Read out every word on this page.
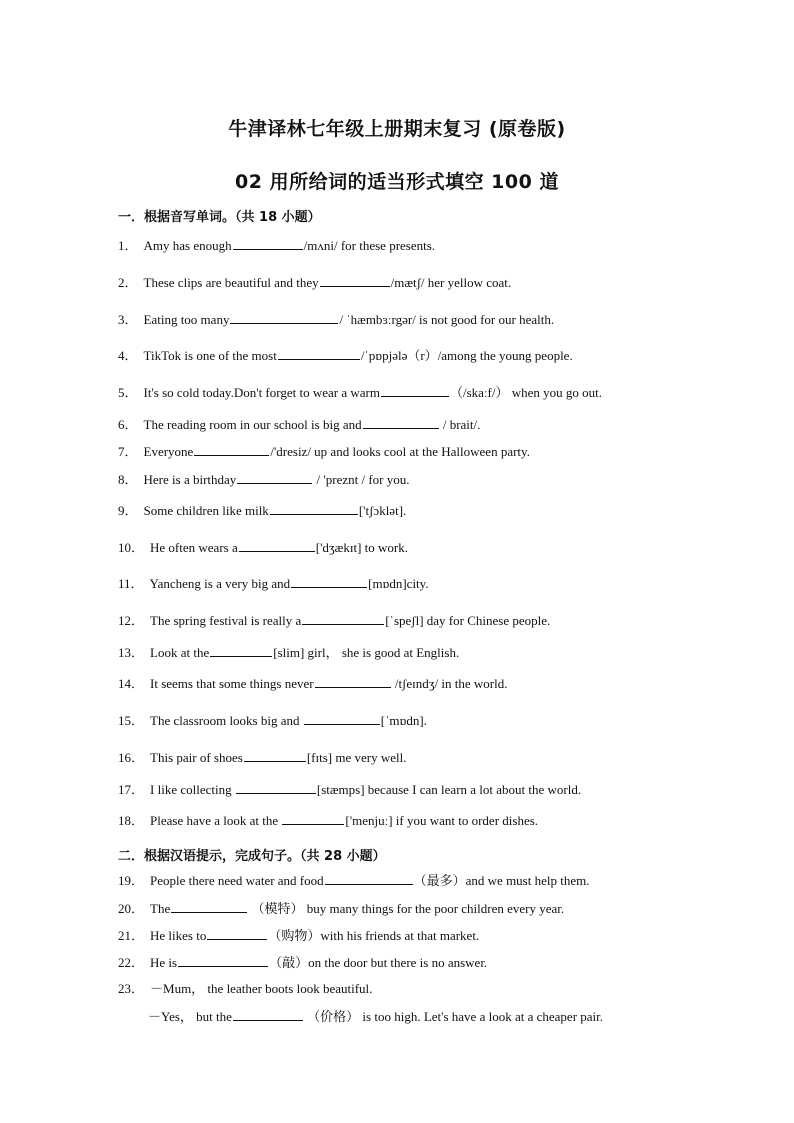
牛津译林七年级上册期末复习 (原卷版)
02 用所给词的适当形式填空 100 道
一．根据音写单词。（共 18 小题）
二．根据汉语提示，完成句子。（共 28 小题）
1． Amy has enough	/mʌni/ for these presents.
2． These clips are beautiful and they	/mætʃ/ her yellow coat.
3． Eating too many	/ ˈhæmbɜːrgər/ is not good for our health.
4． TikTok is one of the most	/ˈpɒpjələ（r）/among the young people.
5． It's so cold today.Don't forget to wear a warm	（/skaːf/） when you go out.
6． The reading room in our school is big and	/ brait/.
7． Everyone	/'dresiz/ up and looks cool at the Halloween party.
8． Here is a birthday	/ 'preznt / for you.
9． Some children like milk	['tʃɔklət].
10． He often wears a	['dʒækɪt] to work.
11． Yancheng is a very big and	[mɒdn]city.
12． The spring festival is really a	[ˈspeʃl] day for Chinese people.
13． Look at the	[slim] girl， she is good at English.
14． It seems that some things never	/tʃeɪndʒ/ in the world.
15． The classroom looks big and	[ˈmɒdn].
16． This pair of shoes	[fɪts] me very well.
17． I like collecting	[stæmps] because I can learn a lot about the world.
18． Please have a look at the	['menjuː] if you want to order dishes.
19． People there need water and food	（最多）and we must help them.
20． The	（模特） buy many things for the poor children every year.
21． He likes to	（购物）with his friends at that market.
22． He is	（敲）on the door but there is no answer.
23． －Mum， the leather boots look beautiful.
－Yes， but the	（价格） is too high. Let's have a look at a cheaper pair.
